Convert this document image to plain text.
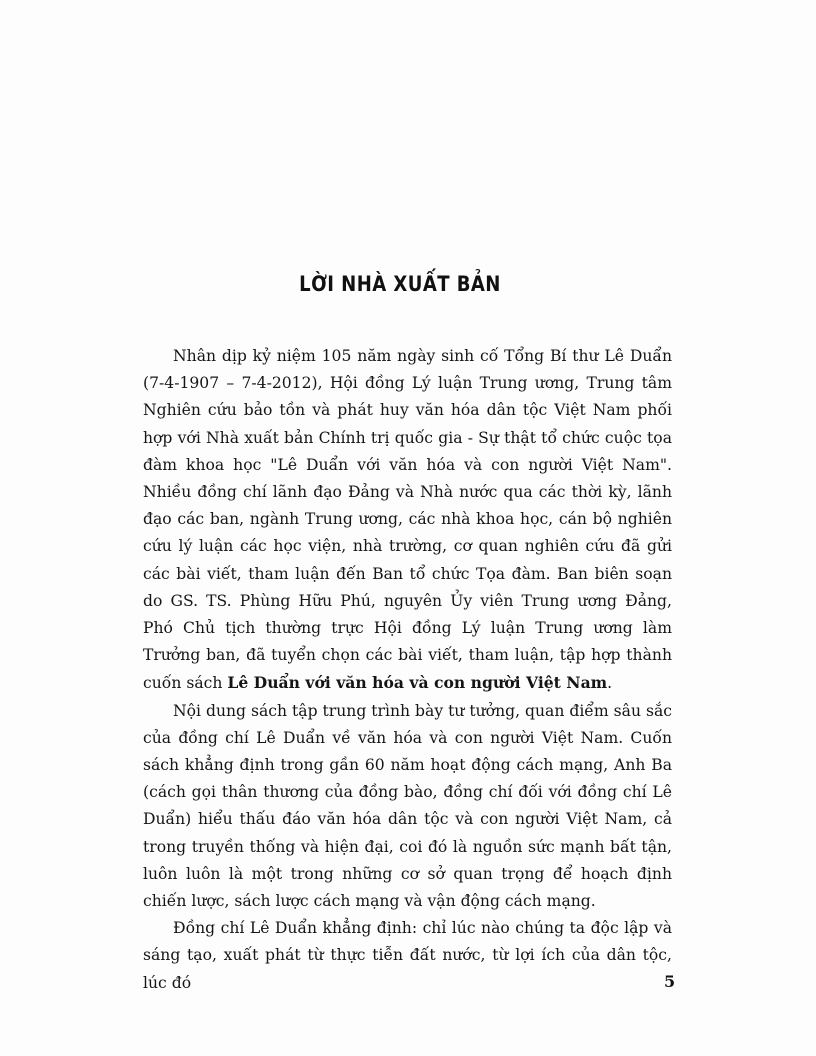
LỜI NHÀ XUẤT BẢN

Nhân dịp kỷ niệm 105 năm ngày sinh cố Tổng Bí thư Lê Duẩn (7-4-1907 – 7-4-2012), Hội đồng Lý luận Trung ương, Trung tâm Nghiên cứu bảo tồn và phát huy văn hóa dân tộc Việt Nam phối hợp với Nhà xuất bản Chính trị quốc gia - Sự thật tổ chức cuộc tọa đàm khoa học "Lê Duẩn với văn hóa và con người Việt Nam". Nhiều đồng chí lãnh đạo Đảng và Nhà nước qua các thời kỳ, lãnh đạo các ban, ngành Trung ương, các nhà khoa học, cán bộ nghiên cứu lý luận các học viện, nhà trường, cơ quan nghiên cứu đã gửi các bài viết, tham luận đến Ban tổ chức Tọa đàm. Ban biên soạn do GS. TS. Phùng Hữu Phú, nguyên Ủy viên Trung ương Đảng, Phó Chủ tịch thường trực Hội đồng Lý luận Trung ương làm Trưởng ban, đã tuyển chọn các bài viết, tham luận, tập hợp thành cuốn sách Lê Duẩn với văn hóa và con người Việt Nam.

Nội dung sách tập trung trình bày tư tưởng, quan điểm sâu sắc của đồng chí Lê Duẩn về văn hóa và con người Việt Nam. Cuốn sách khẳng định trong gần 60 năm hoạt động cách mạng, Anh Ba (cách gọi thân thương của đồng bào, đồng chí đối với đồng chí Lê Duẩn) hiểu thấu đáo văn hóa dân tộc và con người Việt Nam, cả trong truyền thống và hiện đại, coi đó là nguồn sức mạnh bất tận, luôn luôn là một trong những cơ sở quan trọng để hoạch định chiến lược, sách lược cách mạng và vận động cách mạng.

Đồng chí Lê Duẩn khẳng định: chỉ lúc nào chúng ta độc lập và sáng tạo, xuất phát từ thực tiễn đất nước, từ lợi ích của dân tộc, lúc đó	5
